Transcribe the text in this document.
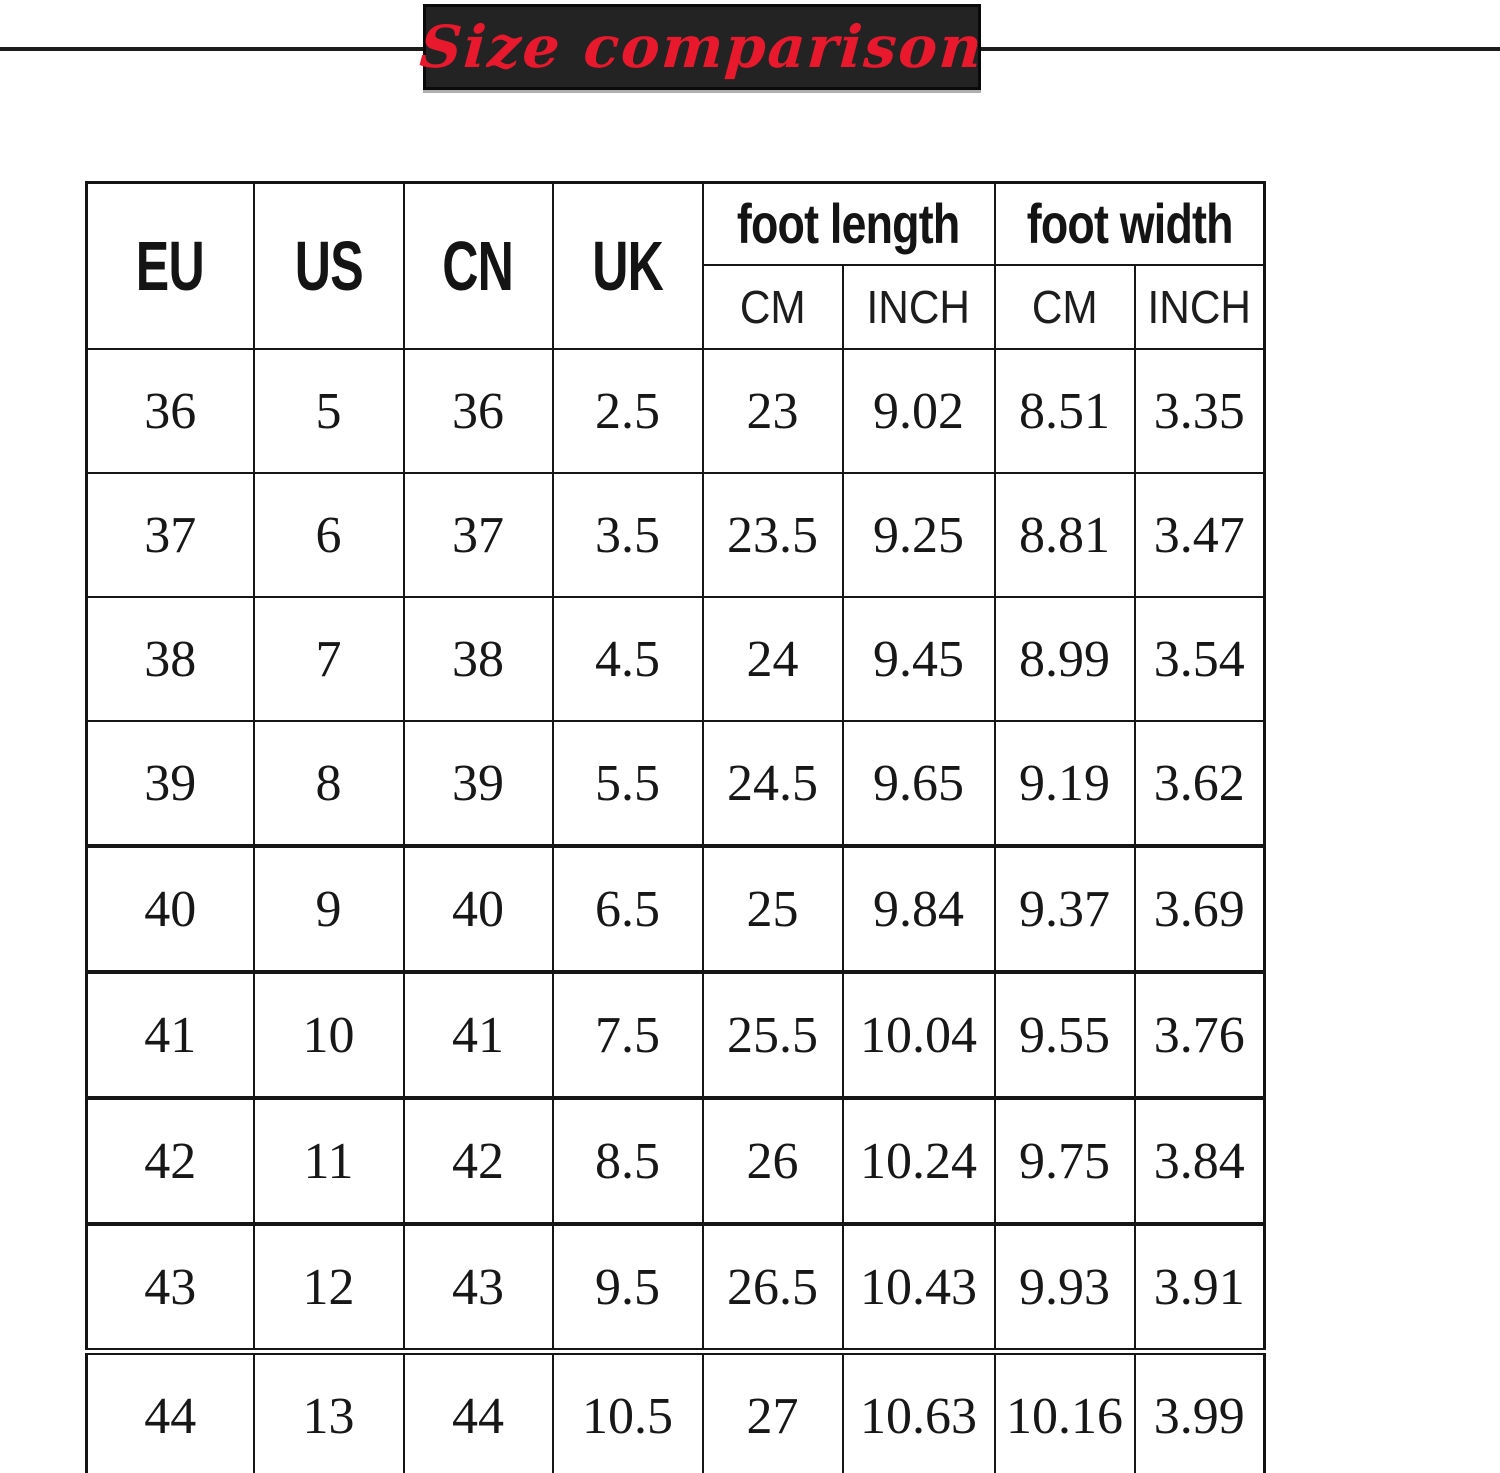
Size comparison
EU	US	CN	UK	foot length		foot width	
				CM	INCH	CM	INCH
36	5	36	2.5	23	9.02	8.51	3.35
37	6	37	3.5	23.5	9.25	8.81	3.47
38	7	38	4.5	24	9.45	8.99	3.54
39	8	39	5.5	24.5	9.65	9.19	3.62
40	9	40	6.5	25	9.84	9.37	3.69
41	10	41	7.5	25.5	10.04	9.55	3.76
42	11	42	8.5	26	10.24	9.75	3.84
43	12	43	9.5	26.5	10.43	9.93	3.91
44	13	44	10.5	27	10.63	10.16	3.99
